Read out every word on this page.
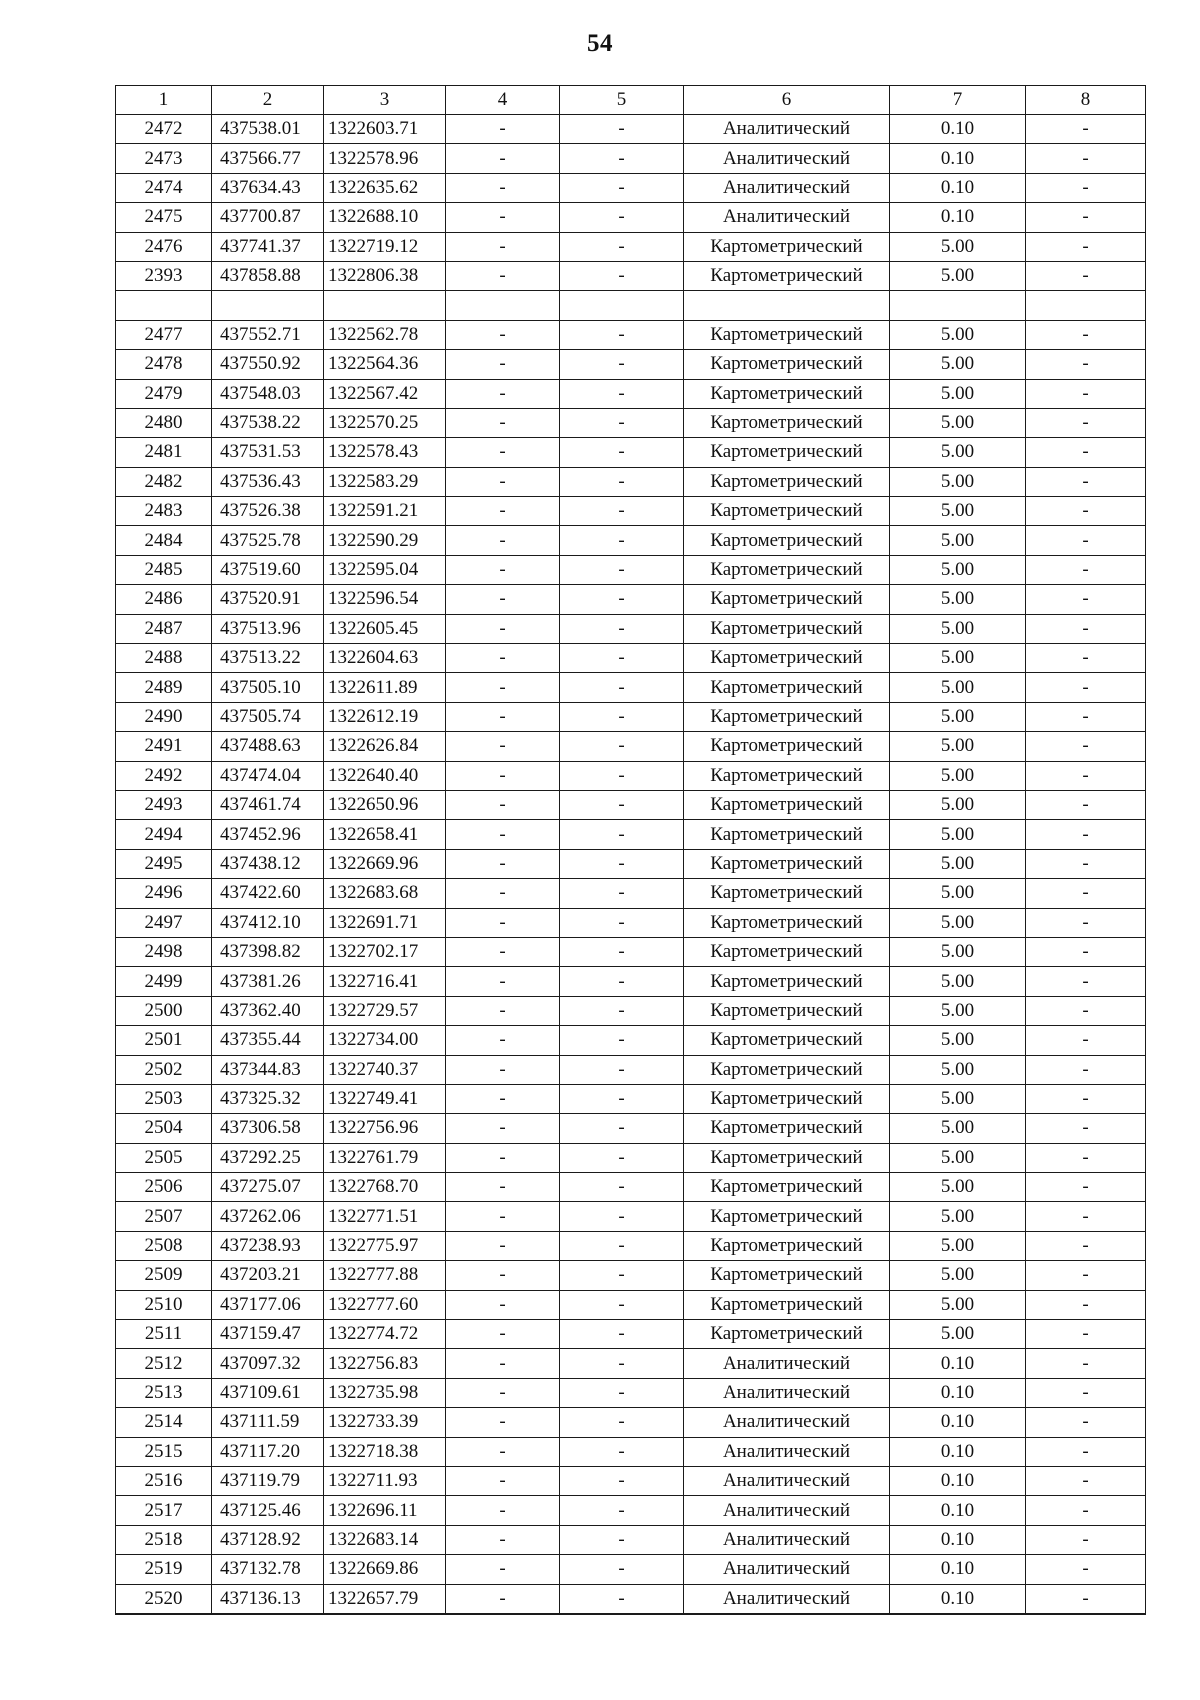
54
1	2	3	4	5	6	7	8
2472	437538.01	1322603.71	-	-	Аналитический	0.10	-
2473	437566.77	1322578.96	-	-	Аналитический	0.10	-
2474	437634.43	1322635.62	-	-	Аналитический	0.10	-
2475	437700.87	1322688.10	-	-	Аналитический	0.10	-
2476	437741.37	1322719.12	-	-	Картометрический	5.00	-
2393	437858.88	1322806.38	-	-	Картометрический	5.00	-

2477	437552.71	1322562.78	-	-	Картометрический	5.00	-
2478	437550.92	1322564.36	-	-	Картометрический	5.00	-
2479	437548.03	1322567.42	-	-	Картометрический	5.00	-
2480	437538.22	1322570.25	-	-	Картометрический	5.00	-
2481	437531.53	1322578.43	-	-	Картометрический	5.00	-
2482	437536.43	1322583.29	-	-	Картометрический	5.00	-
2483	437526.38	1322591.21	-	-	Картометрический	5.00	-
2484	437525.78	1322590.29	-	-	Картометрический	5.00	-
2485	437519.60	1322595.04	-	-	Картометрический	5.00	-
2486	437520.91	1322596.54	-	-	Картометрический	5.00	-
2487	437513.96	1322605.45	-	-	Картометрический	5.00	-
2488	437513.22	1322604.63	-	-	Картометрический	5.00	-
2489	437505.10	1322611.89	-	-	Картометрический	5.00	-
2490	437505.74	1322612.19	-	-	Картометрический	5.00	-
2491	437488.63	1322626.84	-	-	Картометрический	5.00	-
2492	437474.04	1322640.40	-	-	Картометрический	5.00	-
2493	437461.74	1322650.96	-	-	Картометрический	5.00	-
2494	437452.96	1322658.41	-	-	Картометрический	5.00	-
2495	437438.12	1322669.96	-	-	Картометрический	5.00	-
2496	437422.60	1322683.68	-	-	Картометрический	5.00	-
2497	437412.10	1322691.71	-	-	Картометрический	5.00	-
2498	437398.82	1322702.17	-	-	Картометрический	5.00	-
2499	437381.26	1322716.41	-	-	Картометрический	5.00	-
2500	437362.40	1322729.57	-	-	Картометрический	5.00	-
2501	437355.44	1322734.00	-	-	Картометрический	5.00	-
2502	437344.83	1322740.37	-	-	Картометрический	5.00	-
2503	437325.32	1322749.41	-	-	Картометрический	5.00	-
2504	437306.58	1322756.96	-	-	Картометрический	5.00	-
2505	437292.25	1322761.79	-	-	Картометрический	5.00	-
2506	437275.07	1322768.70	-	-	Картометрический	5.00	-
2507	437262.06	1322771.51	-	-	Картометрический	5.00	-
2508	437238.93	1322775.97	-	-	Картометрический	5.00	-
2509	437203.21	1322777.88	-	-	Картометрический	5.00	-
2510	437177.06	1322777.60	-	-	Картометрический	5.00	-
2511	437159.47	1322774.72	-	-	Картометрический	5.00	-
2512	437097.32	1322756.83	-	-	Аналитический	0.10	-
2513	437109.61	1322735.98	-	-	Аналитический	0.10	-
2514	437111.59	1322733.39	-	-	Аналитический	0.10	-
2515	437117.20	1322718.38	-	-	Аналитический	0.10	-
2516	437119.79	1322711.93	-	-	Аналитический	0.10	-
2517	437125.46	1322696.11	-	-	Аналитический	0.10	-
2518	437128.92	1322683.14	-	-	Аналитический	0.10	-
2519	437132.78	1322669.86	-	-	Аналитический	0.10	-
2520	437136.13	1322657.79	-	-	Аналитический	0.10	-
